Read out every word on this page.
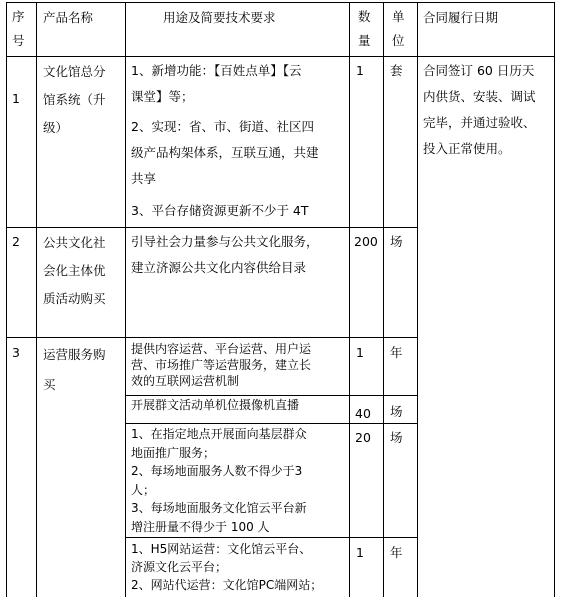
序
号
产品名称	用途及简要技术要求	数
量
单
位
合同履行日期
1
文化馆总分
馆系统（升
级）
1、新增功能：【百姓点单】【云
课堂】等；
2、实现：省、市、街道、社区四
级产品构架体系，互联互通，共建
共享
3、平台存储资源更新不少于 4T
1 套 合同签订 60 日历天
内供货、安装、调试
完毕，并通过验收、
投入正常使用。
2 公共文化社
会化主体优
质活动购买
引导社会力量参与公共文化服务，
建立济源公共文化内容供给目录
200 场
3 运营服务购
买
提供内容运营、平台运营、用户运
营、市场推广等运营服务，建立长
效的互联网运营机制
1 年
开展群文活动单机位摄像机直播
40 场
1、在指定地点开展面向基层群众
地面推广服务；
2、每场地面服务人数不得少于3
人；
3、每场地面服务文化馆云平台新
增注册量不得少于 100 人
20 场
1、H5网站运营：文化馆云平台、
济源文化云平台；
2、网站代运营：文化馆PC端网站；
1 年
